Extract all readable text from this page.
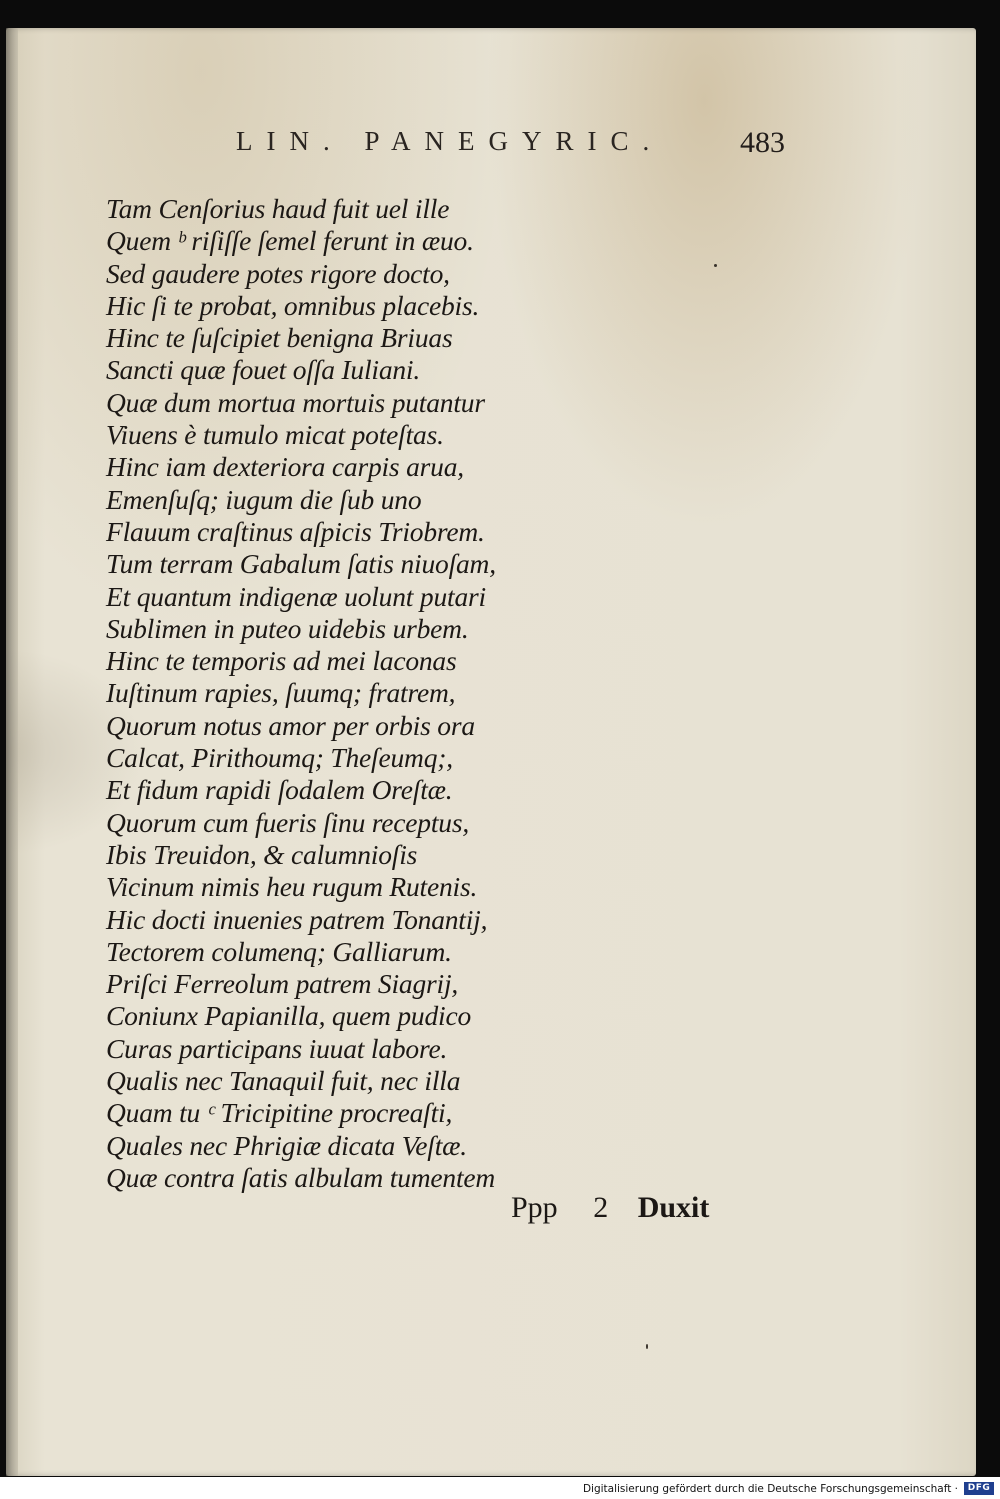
LIN. PANEGYRIC.	483
Tam Cenſorius haud fuit uel ille
Quem ᵇ riſiſſe ſemel ferunt in æuo.
Sed gaudere potes rigore docto,
Hic ſi te probat, omnibus placebis.
Hinc te ſuſcipiet benigna Briuas
Sancti quæ fouet oſſa Iuliani.
Quæ dum mortua mortuis putantur
Viuens è tumulo micat poteſtas.
Hinc iam dexteriora carpis arua,
Emenſuſq; iugum die ſub uno
Flauum craſtinus aſpicis Triobrem.
Tum terram Gabalum ſatis niuoſam,
Et quantum indigenæ uolunt putari
Sublimen in puteo uidebis urbem.
Hinc te temporis ad mei laconas
Iuſtinum rapies, ſuumq; fratrem,
Quorum notus amor per orbis ora
Calcat, Pirithoumq; Theſeumq;,
Et fidum rapidi ſodalem Oreſtæ.
Quorum cum fueris ſinu receptus,
Ibis Treuidon, & calumnioſis
Vicinum nimis heu rugum Rutenis.
Hic docti inuenies patrem Tonantij,
Tectorem columenq; Galliarum.
Priſci Ferreolum patrem Siagrij,
Coniunx Papianilla, quem pudico
Curas participans iuuat labore.
Qualis nec Tanaquil fuit, nec illa
Quam tu ᶜ Tricipitine procreaſti,
Quales nec Phrigiæ dicata Veſtæ.
Quæ contra ſatis albulam tumentem
Ppp 2 Duxit
Digitalisierung gefördert durch die Deutsche Forschungsgemeinschaft ·	DFG
